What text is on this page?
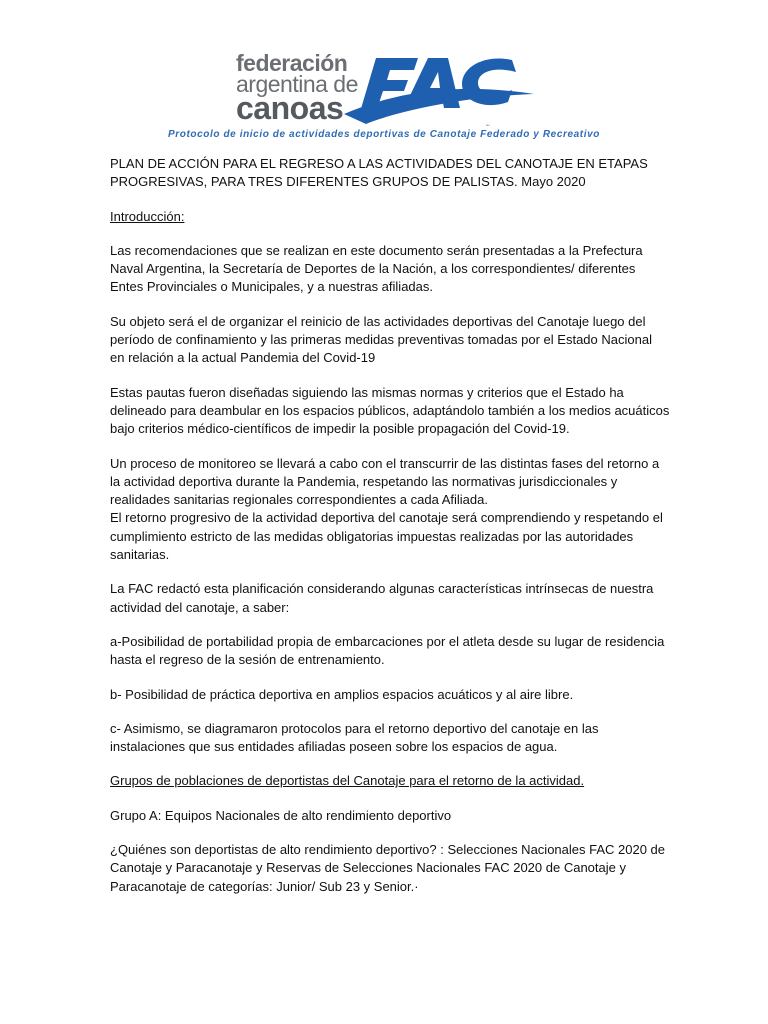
federación
argentina de
canoas	FAC
Protocolo de inicio de actividades deportivas de Canotaje Federado y Recreativo

PLAN DE ACCIÓN PARA EL REGRESO A LAS ACTIVIDADES DEL CANOTAJE EN ETAPAS PROGRESIVAS, PARA TRES DIFERENTES GRUPOS DE PALISTAS. Mayo 2020

Introducción:

Las recomendaciones que se realizan en este documento serán presentadas a la Prefectura Naval Argentina, la Secretaría de Deportes de la Nación, a los correspondientes/ diferentes Entes Provinciales o Municipales, y a nuestras afiliadas.

Su objeto será el de organizar el reinicio de las actividades deportivas del Canotaje luego del período de confinamiento y las primeras medidas preventivas tomadas por el Estado Nacional en relación a la actual Pandemia del Covid-19

Estas pautas fueron diseñadas siguiendo las mismas normas y criterios que el Estado ha delineado para deambular en los espacios públicos, adaptándolo también a los medios acuáticos bajo criterios médico-científicos de impedir la posible propagación del Covid-19.

Un proceso de monitoreo se llevará a cabo con el transcurrir de las distintas fases del retorno a la actividad deportiva durante la Pandemia, respetando las normativas jurisdiccionales y realidades sanitarias regionales correspondientes a cada Afiliada.

El retorno progresivo de la actividad deportiva del canotaje será comprendiendo y respetando el cumplimiento estricto de las medidas obligatorias impuestas realizadas por las autoridades sanitarias.

La FAC redactó esta planificación considerando algunas características intrínsecas de nuestra actividad del canotaje, a saber:

a-Posibilidad de portabilidad propia de embarcaciones por el atleta desde su lugar de residencia hasta el regreso de la sesión de entrenamiento.

b- Posibilidad de práctica deportiva en amplios espacios acuáticos y al aire libre.

c- Asimismo, se diagramaron protocolos para el retorno deportivo del canotaje en las instalaciones que sus entidades afiliadas poseen sobre los espacios de agua.

Grupos de poblaciones de deportistas del Canotaje para el retorno de la actividad.

Grupo A: Equipos Nacionales de alto rendimiento deportivo

¿Quiénes son deportistas de alto rendimiento deportivo? : Selecciones Nacionales FAC 2020 de Canotaje y Paracanotaje y Reservas de Selecciones Nacionales FAC 2020 de Canotaje y Paracanotaje de categorías: Junior/ Sub 23 y Senior.·
